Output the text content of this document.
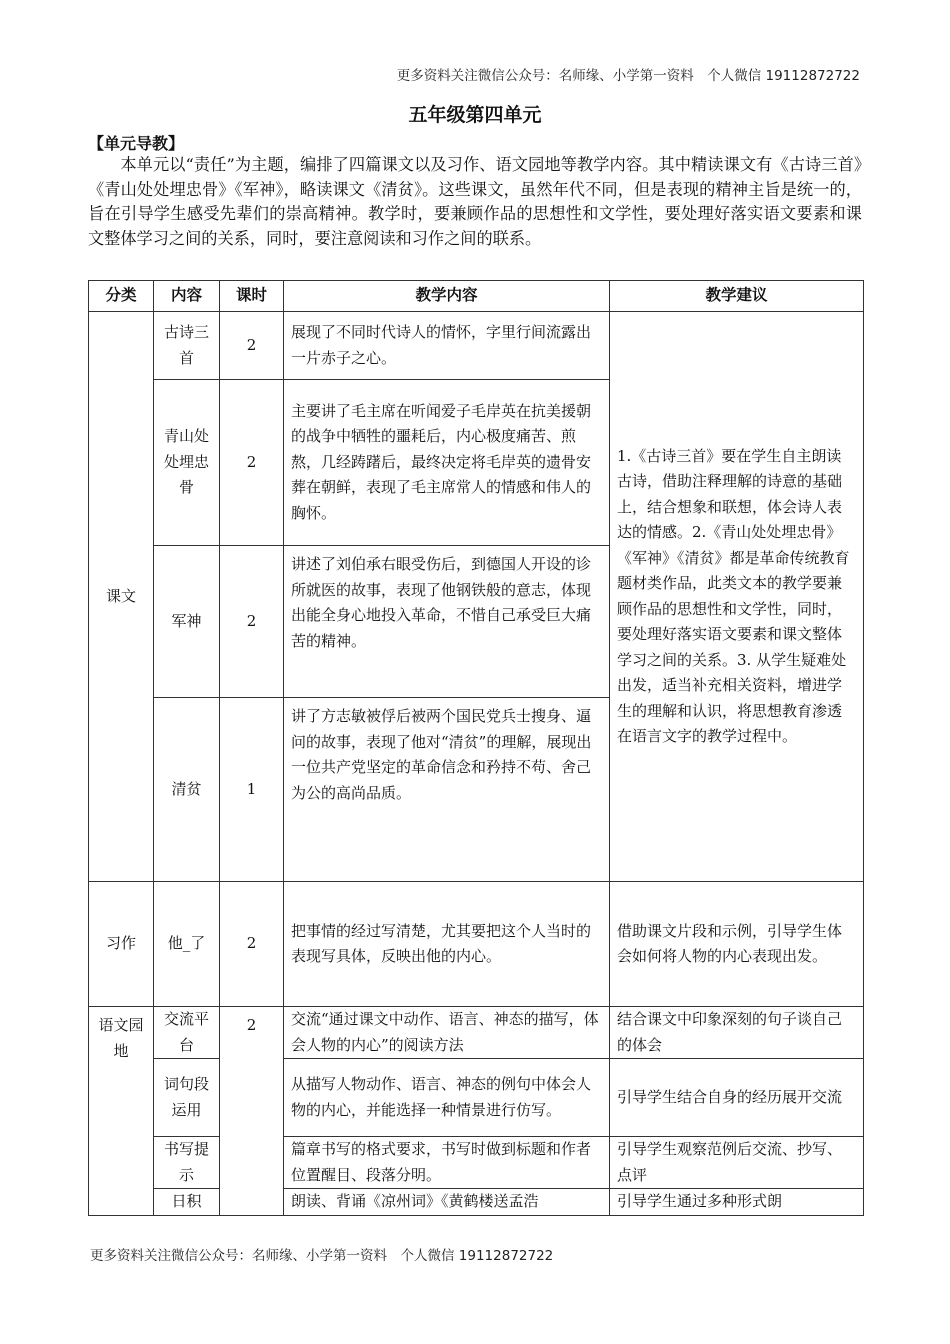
更多资料关注微信公众号：名师缘、小学第一资料　个人微信 19112872722
五年级第四单元
【单元导教】

本单元以“责任”为主题，编排了四篇课文以及习作、语文园地等教学内容。其中精读课文有《古诗三首》《青山处处埋忠骨》《军神》，略读课文《清贫》。这些课文，虽然年代不同，但是表现的精神主旨是统一的，旨在引导学生感受先辈们的崇高精神。教学时，要兼顾作品的思想性和文学性，要处理好落实语文要素和课文整体学习之间的关系，同时，要注意阅读和习作之间的联系。

分类	内容	课时	教学内容	教学建议
课文	古诗三首	2	展现了不同时代诗人的情怀，字里行间流露出一片赤子之心。	1.《古诗三首》要在学生自主朗读古诗，借助注释理解的诗意的基础上，结合想象和联想，体会诗人表达的情感。2.《青山处处埋忠骨》《军神》《清贫》都是革命传统教育题材类作品，此类文本的教学要兼顾作品的思想性和文学性，同时，要处理好落实语文要素和课文整体学习之间的关系。3. 从学生疑难处出发，适当补充相关资料，增进学生的理解和认识，将思想教育渗透在语言文字的教学过程中。
	青山处处埋忠骨	2	主要讲了毛主席在听闻爱子毛岸英在抗美援朝的战争中牺牲的噩耗后，内心极度痛苦、煎熬，几经踌躇后，最终决定将毛岸英的遗骨安葬在朝鲜，表现了毛主席常人的情感和伟人的胸怀。	
	军神	2	讲述了刘伯承右眼受伤后，到德国人开设的诊所就医的故事，表现了他钢铁般的意志，体现出能全身心地投入革命，不惜自己承受巨大痛苦的精神。	
	清贫	1	讲了方志敏被俘后被两个国民党兵士搜身、逼问的故事，表现了他对“清贫”的理解，展现出一位共产党坚定的革命信念和矜持不苟、舍己为公的高尚品质。	
习作	他_了	2	把事情的经过写清楚，尤其要把这个人当时的表现写具体，反映出他的内心。	借助课文片段和示例，引导学生体会如何将人物的内心表现出发。
语文园地	交流平台	2	交流“通过课文中动作、语言、神态的描写，体会人物的内心”的阅读方法	结合课文中印象深刻的句子谈自己的体会
	词句段运用		从描写人物动作、语言、神态的例句中体会人物的内心，并能选择一种情景进行仿写。	引导学生结合自身的经历展开交流
	书写提示		篇章书写的格式要求，书写时做到标题和作者位置醒目、段落分明。	引导学生观察范例后交流、抄写、点评
	日积		朗读、背诵《凉州词》《黄鹤楼送孟浩	引导学生通过多种形式朗
更多资料关注微信公众号：名师缘、小学第一资料　个人微信 19112872722
